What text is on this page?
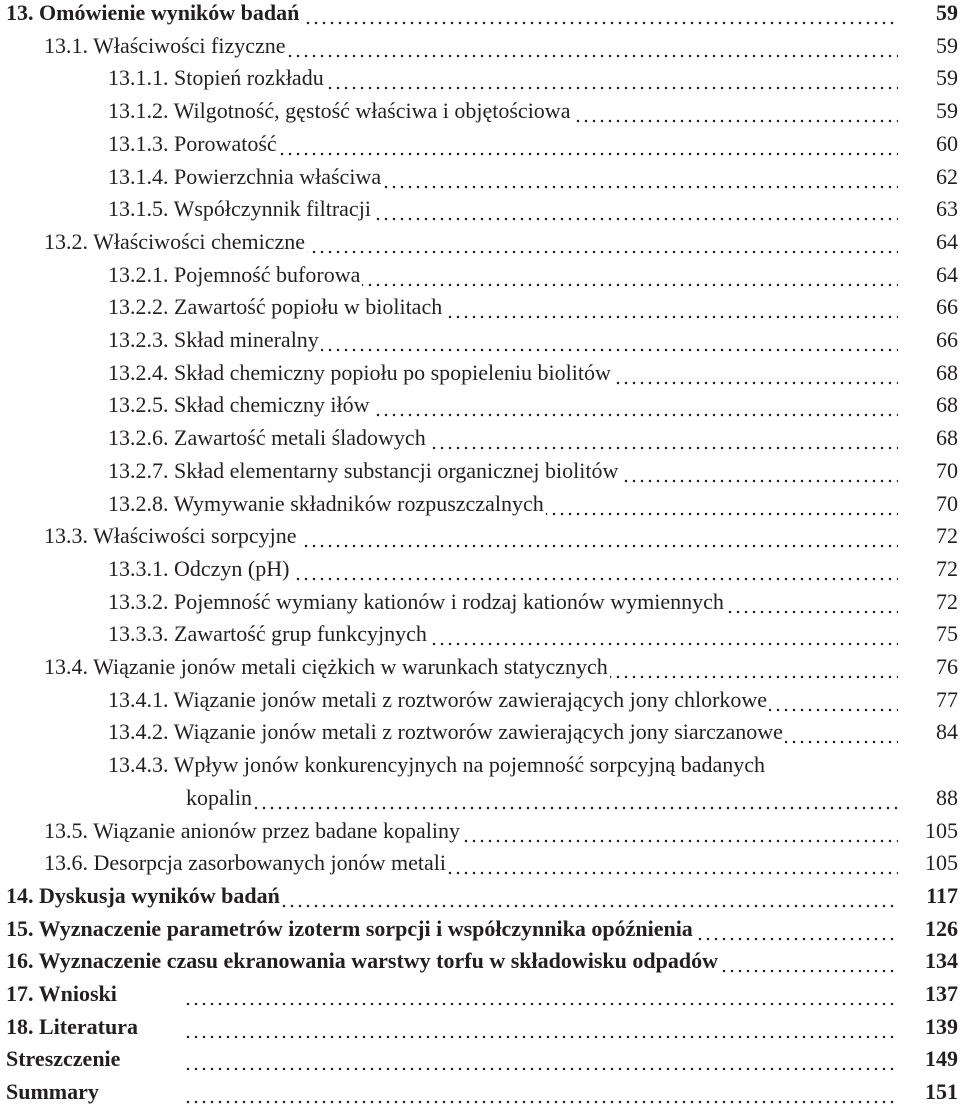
13. Omówienie wyników badań	59
13.1. Właściwości fizyczne	59
13.1.1. Stopień rozkładu	59
13.1.2. Wilgotność, gęstość właściwa i objętościowa	59
13.1.3. Porowatość	60
13.1.4. Powierzchnia właściwa	62
13.1.5. Współczynnik filtracji	63
13.2. Właściwości chemiczne	64
13.2.1. Pojemność buforowa	64
13.2.2. Zawartość popiołu w biolitach	66
13.2.3. Skład mineralny	66
13.2.4. Skład chemiczny popiołu po spopieleniu biolitów	68
13.2.5. Skład chemiczny iłów	68
13.2.6. Zawartość metali śladowych	68
13.2.7. Skład elementarny substancji organicznej biolitów	70
13.2.8. Wymywanie składników rozpuszczalnych	70
13.3. Właściwości sorpcyjne	72
13.3.1. Odczyn (pH)	72
13.3.2. Pojemność wymiany kationów i rodzaj kationów wymiennych	72
13.3.3. Zawartość grup funkcyjnych	75
13.4. Wiązanie jonów metali ciężkich w warunkach statycznych	76
13.4.1. Wiązanie jonów metali z roztworów zawierających jony chlorkowe	77
13.4.2. Wiązanie jonów metali z roztworów zawierających jony siarczanowe	84
13.4.3. Wpływ jonów konkurencyjnych na pojemność sorpcyjną badanych
kopalin	88
13.5. Wiązanie anionów przez badane kopaliny	105
13.6. Desorpcja zasorbowanych jonów metali	105
14. Dyskusja wyników badań	117
15. Wyznaczenie parametrów izoterm sorpcji i współczynnika opóźnienia	126
16. Wyznaczenie czasu ekranowania warstwy torfu w składowisku odpadów	134
17. Wnioski	137
18. Literatura	139
Streszczenie	149
Summary	151
